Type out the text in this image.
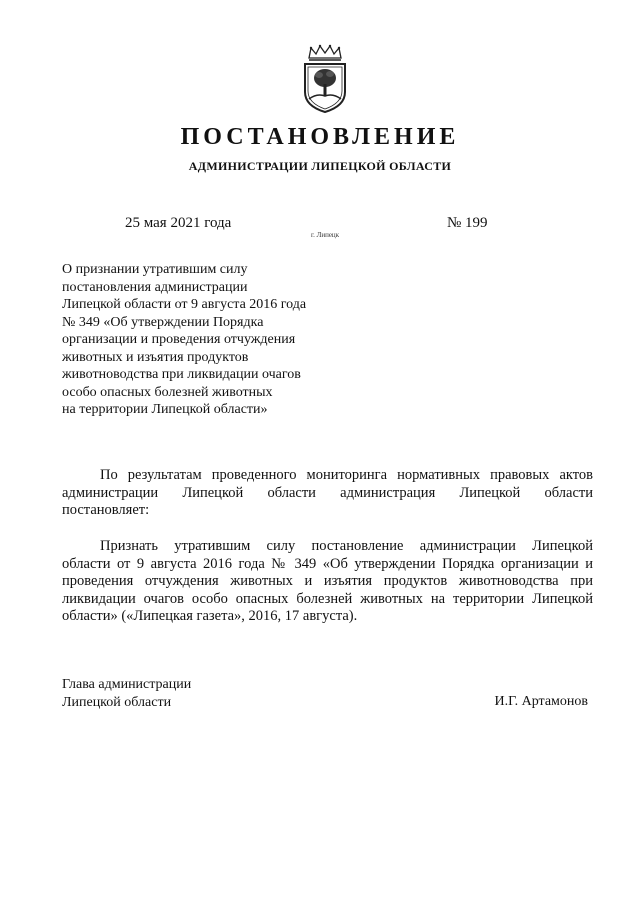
ПОСТАНОВЛЕНИЕ
АДМИНИСТРАЦИИ ЛИПЕЦКОЙ ОБЛАСТИ
25 мая 2021 года
г. Липецк
№ 199
О признании утратившим силу
постановления администрации
Липецкой области от 9 августа 2016 года
№ 349 «Об утверждении Порядка
организации и проведения отчуждения
животных и изъятия продуктов
животноводства при ликвидации очагов
особо опасных болезней животных
на территории Липецкой области»
По результатам проведенного мониторинга нормативных правовых актов
администрации Липецкой области администрация Липецкой области
постановляет:
Признать утратившим силу постановление администрации Липецкой
области от 9 августа 2016 года № 349 «Об утверждении Порядка организации и
проведения отчуждения животных и изъятия продуктов животноводства при
ликвидации очагов особо опасных болезней животных на территории Липецкой
области» («Липецкая газета», 2016, 17 августа).
Глава администрации
Липецкой области	И.Г. Артамонов
